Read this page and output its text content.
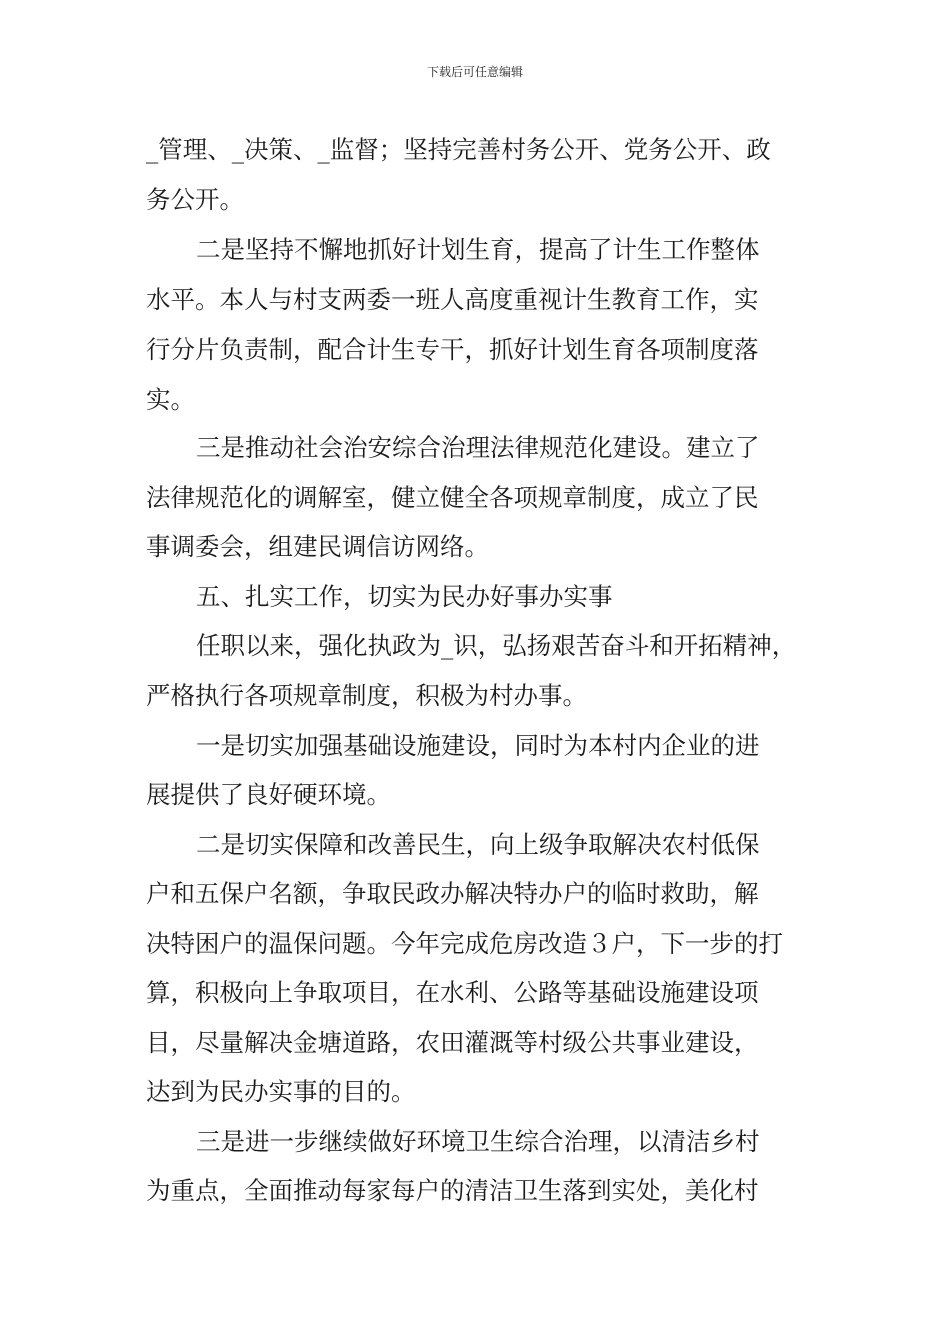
下载后可任意编辑
_管理、_决策、_监督；坚持完善村务公开、党务公开、政
务公开。
二是坚持不懈地抓好计划生育，提高了计生工作整体
水平。本人与村支两委一班人高度重视计生教育工作，实
行分片负责制，配合计生专干，抓好计划生育各项制度落
实。
三是推动社会治安综合治理法律规范化建设。建立了
法律规范化的调解室，健立健全各项规章制度，成立了民
事调委会，组建民调信访网络。
五、扎实工作，切实为民办好事办实事
任职以来，强化执政为_识，弘扬艰苦奋斗和开拓精神，
严格执行各项规章制度，积极为村办事。
一是切实加强基础设施建设，同时为本村内企业的进
展提供了良好硬环境。
二是切实保障和改善民生，向上级争取解决农村低保
户和五保户名额，争取民政办解决特办户的临时救助，解
决特困户的温保问题。今年完成危房改造３户，下一步的打
算，积极向上争取项目，在水利、公路等基础设施建设项
目，尽量解决金塘道路，农田灌溉等村级公共事业建设，
达到为民办实事的目的。
三是进一步继续做好环境卫生综合治理，以清洁乡村
为重点，全面推动每家每户的清洁卫生落到实处，美化村
